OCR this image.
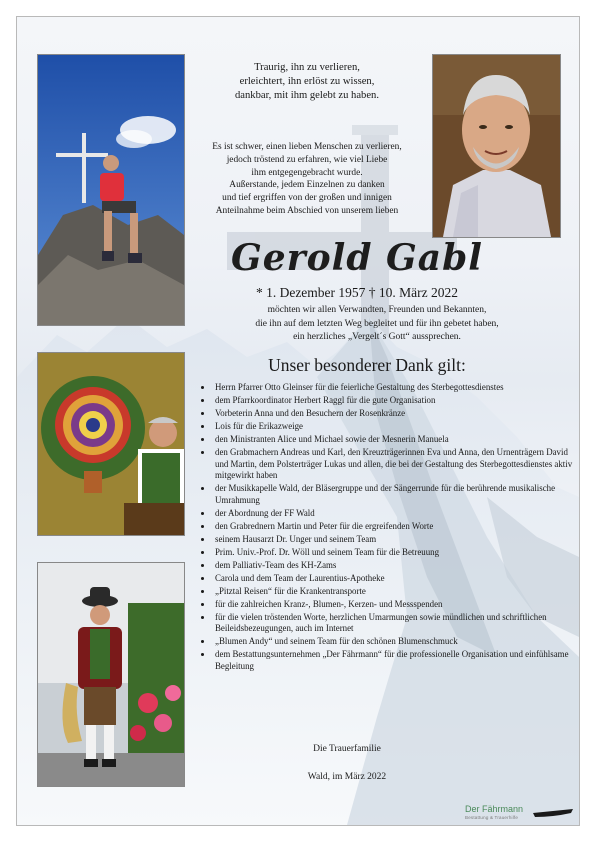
Traurig, ihn zu verlieren,
erleichtert, ihn erlöst zu wissen,
dankbar, mit ihm gelebt zu haben.
Es ist schwer, einen lieben Menschen zu verlieren,
jedoch tröstend zu erfahren, wie viel Liebe
ihm entgegengebracht wurde.
Außerstande, jedem Einzelnen zu danken
und tief ergriffen von der großen und innigen
Anteilnahme beim Abschied von unserem lieben
Gerold Gabl
* 1. Dezember 1957 † 10. März 2022
möchten wir allen Verwandten, Freunden und Bekannten,
die ihn auf dem letzten Weg begleitet und für ihn gebetet haben,
ein herzliches „Vergelt´s Gott“ aussprechen.
Unser besonderer Dank gilt:
• Herrn Pfarrer Otto Gleinser für die feierliche Gestaltung des Sterbegottesdienstes
• dem Pfarrkoordinator Herbert Raggl für die gute Organisation
• Vorbeterin Anna und den Besuchern der Rosenkränze
• Lois für die Erikazweige
• den Ministranten Alice und Michael sowie der Mesnerin Manuela
• den Grabmachern Andreas und Karl, den Kreuzträgerinnen Eva und Anna, den Urnenträgern David und Martin, dem Polsterträger Lukas und allen, die bei der Gestaltung des Sterbegottesdienstes aktiv mitgewirkt haben
• der Musikkapelle Wald, der Bläsergruppe und der Sängerrunde für die berührende musikalische Umrahmung
• der Abordnung der FF Wald
• den Grabrednern Martin und Peter für die ergreifenden Worte
• seinem Hausarzt Dr. Unger und seinem Team
• Prim. Univ.-Prof. Dr. Wöll und seinem Team für die Betreuung
• dem Palliativ-Team des KH-Zams
• Carola und dem Team der Laurentius-Apotheke
• „Pitztal Reisen“ für die Krankentransporte
• für die zahlreichen Kranz-, Blumen-, Kerzen- und Messspenden
• für die vielen tröstenden Worte, herzlichen Umarmungen sowie mündlichen und schriftlichen Beileidsbezeugungen, auch im Internet
• „Blumen Andy“ und seinem Team für den schönen Blumenschmuck
• dem Bestattungsunternehmen „Der Fährmann“ für die professionelle Organisation und einfühlsame Begleitung
Die Trauerfamilie
Wald, im März 2022
Der Fährmann
Bestattung & Trauerhilfe
